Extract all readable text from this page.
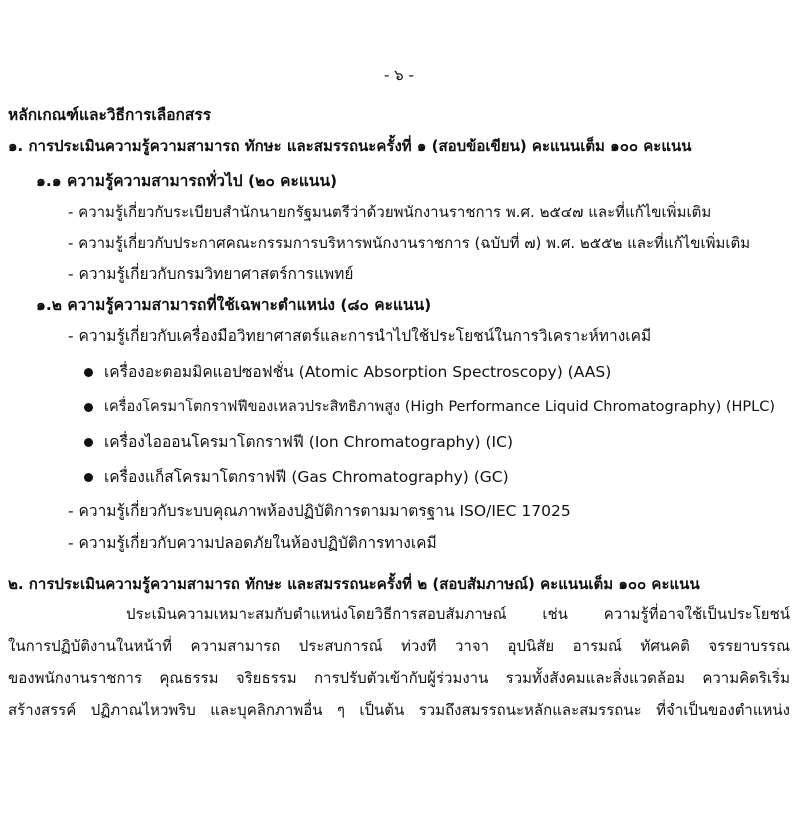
- ๖ -
หลักเกณฑ์และวิธีการเลือกสรร
๑. การประเมินความรู้ความสามารถ ทักษะ และสมรรถนะครั้งที่ ๑ (สอบข้อเขียน) คะแนนเต็ม ๑๐๐ คะแนน
๑.๑ ความรู้ความสามารถทั่วไป (๒๐ คะแนน)
- ความรู้เกี่ยวกับระเบียบสำนักนายกรัฐมนตรีว่าด้วยพนักงานราชการ พ.ศ. ๒๕๔๗ และที่แก้ไขเพิ่มเติม
- ความรู้เกี่ยวกับประกาศคณะกรรมการบริหารพนักงานราชการ (ฉบับที่ ๗) พ.ศ. ๒๕๕๒ และที่แก้ไขเพิ่มเติม
- ความรู้เกี่ยวกับกรมวิทยาศาสตร์การแพทย์
๑.๒ ความรู้ความสามารถที่ใช้เฉพาะตำแหน่ง (๘๐ คะแนน)
- ความรู้เกี่ยวกับเครื่องมือวิทยาศาสตร์และการนำไปใช้ประโยชน์ในการวิเคราะห์ทางเคมี
เครื่องอะตอมมิคแอปซอฟชั่น (Atomic Absorption Spectroscopy) (AAS)
เครื่องโครมาโตกราฟฟีของเหลวประสิทธิภาพสูง (High Performance Liquid Chromatography) (HPLC)
เครื่องไอออนโครมาโตกราฟฟี (Ion Chromatography) (IC)
เครื่องแก็สโครมาโตกราฟฟี (Gas Chromatography) (GC)
- ความรู้เกี่ยวกับระบบคุณภาพห้องปฏิบัติการตามมาตรฐาน ISO/IEC 17025
- ความรู้เกี่ยวกับความปลอดภัยในห้องปฏิบัติการทางเคมี
๒. การประเมินความรู้ความสามารถ ทักษะ และสมรรถนะครั้งที่ ๒ (สอบสัมภาษณ์) คะแนนเต็ม ๑๐๐ คะแนน
ประเมินความเหมาะสมกับตำแหน่งโดยวิธีการสอบสัมภาษณ์ เช่น ความรู้ที่อาจใช้เป็นประโยชน์
ในการปฏิบัติงานในหน้าที่ ความสามารถ ประสบการณ์ ท่วงที วาจา อุปนิสัย อารมณ์ ทัศนคติ จรรยาบรรณ
ของพนักงานราชการ คุณธรรม จริยธรรม การปรับตัวเข้ากับผู้ร่วมงาน รวมทั้งสังคมและสิ่งแวดล้อม ความคิดริเริ่ม
สร้างสรรค์ ปฏิภาณไหวพริบ และบุคลิกภาพอื่น ๆ เป็นต้น รวมถึงสมรรถนะหลักและสมรรถนะ ที่จำเป็นของตำแหน่ง
